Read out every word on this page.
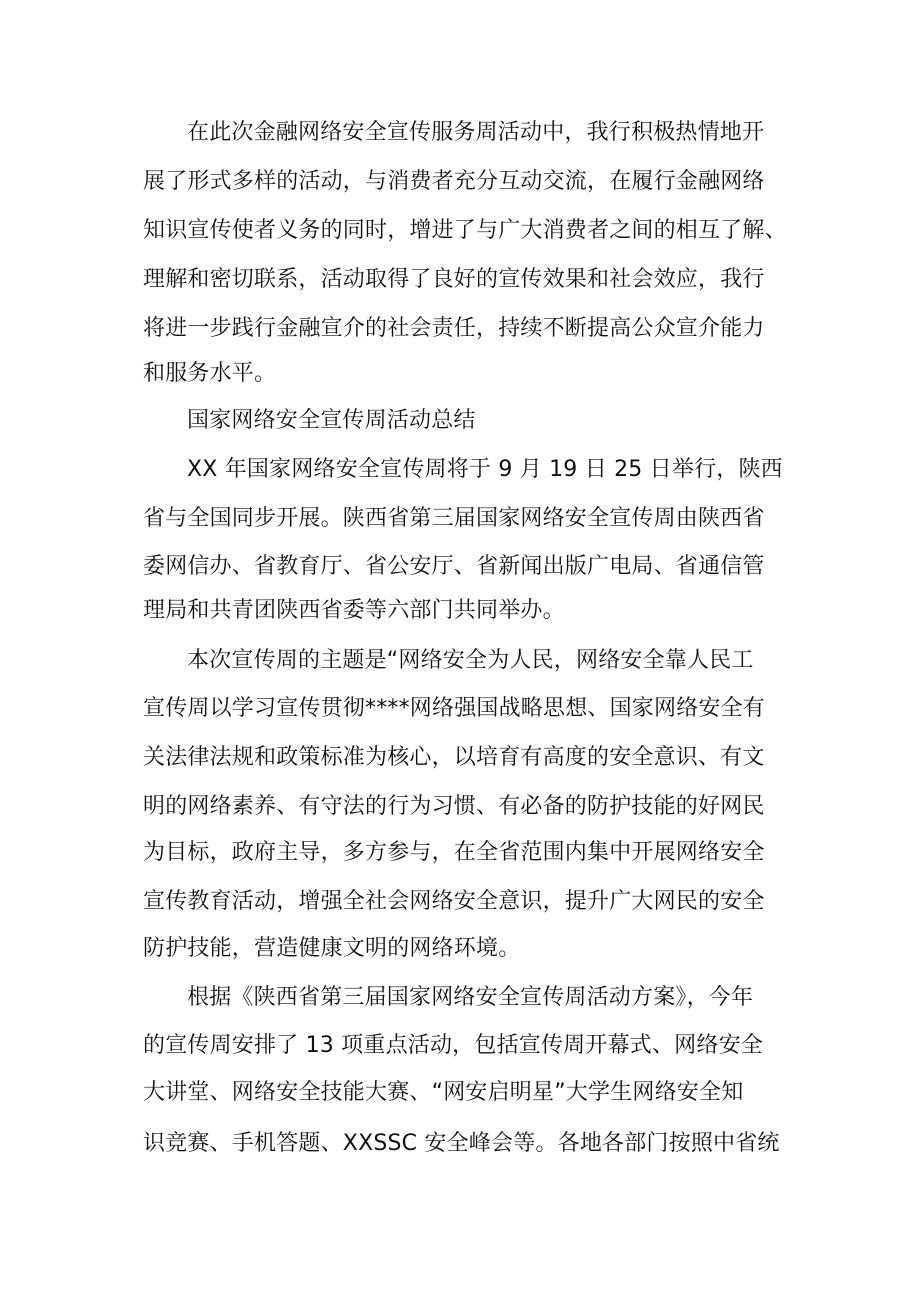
在此次金融网络安全宣传服务周活动中，我行积极热情地开
展了形式多样的活动，与消费者充分互动交流，在履行金融网络
知识宣传使者义务的同时，增进了与广大消费者之间的相互了解、
理解和密切联系，活动取得了良好的宣传效果和社会效应，我行
将进一步践行金融宣介的社会责任，持续不断提高公众宣介能力
和服务水平。
国家网络安全宣传周活动总结
XX 年国家网络安全宣传周将于 9 月 19 日 25 日举行，陕西
省与全国同步开展。陕西省第三届国家网络安全宣传周由陕西省
委网信办、省教育厅、省公安厅、省新闻出版广电局、省通信管
理局和共青团陕西省委等六部门共同举办。
本次宣传周的主题是“网络安全为人民，网络安全靠人民工
宣传周以学习宣传贯彻****网络强国战略思想、国家网络安全有
关法律法规和政策标准为核心，以培育有高度的安全意识、有文
明的网络素养、有守法的行为习惯、有必备的防护技能的好网民
为目标，政府主导，多方参与，在全省范围内集中开展网络安全
宣传教育活动，增强全社会网络安全意识，提升广大网民的安全
防护技能，营造健康文明的网络环境。
根据《陕西省第三届国家网络安全宣传周活动方案》，今年
的宣传周安排了 13 项重点活动，包括宣传周开幕式、网络安全
大讲堂、网络安全技能大赛、“网安启明星”大学生网络安全知
识竞赛、手机答题、XXSSC 安全峰会等。各地各部门按照中省统
